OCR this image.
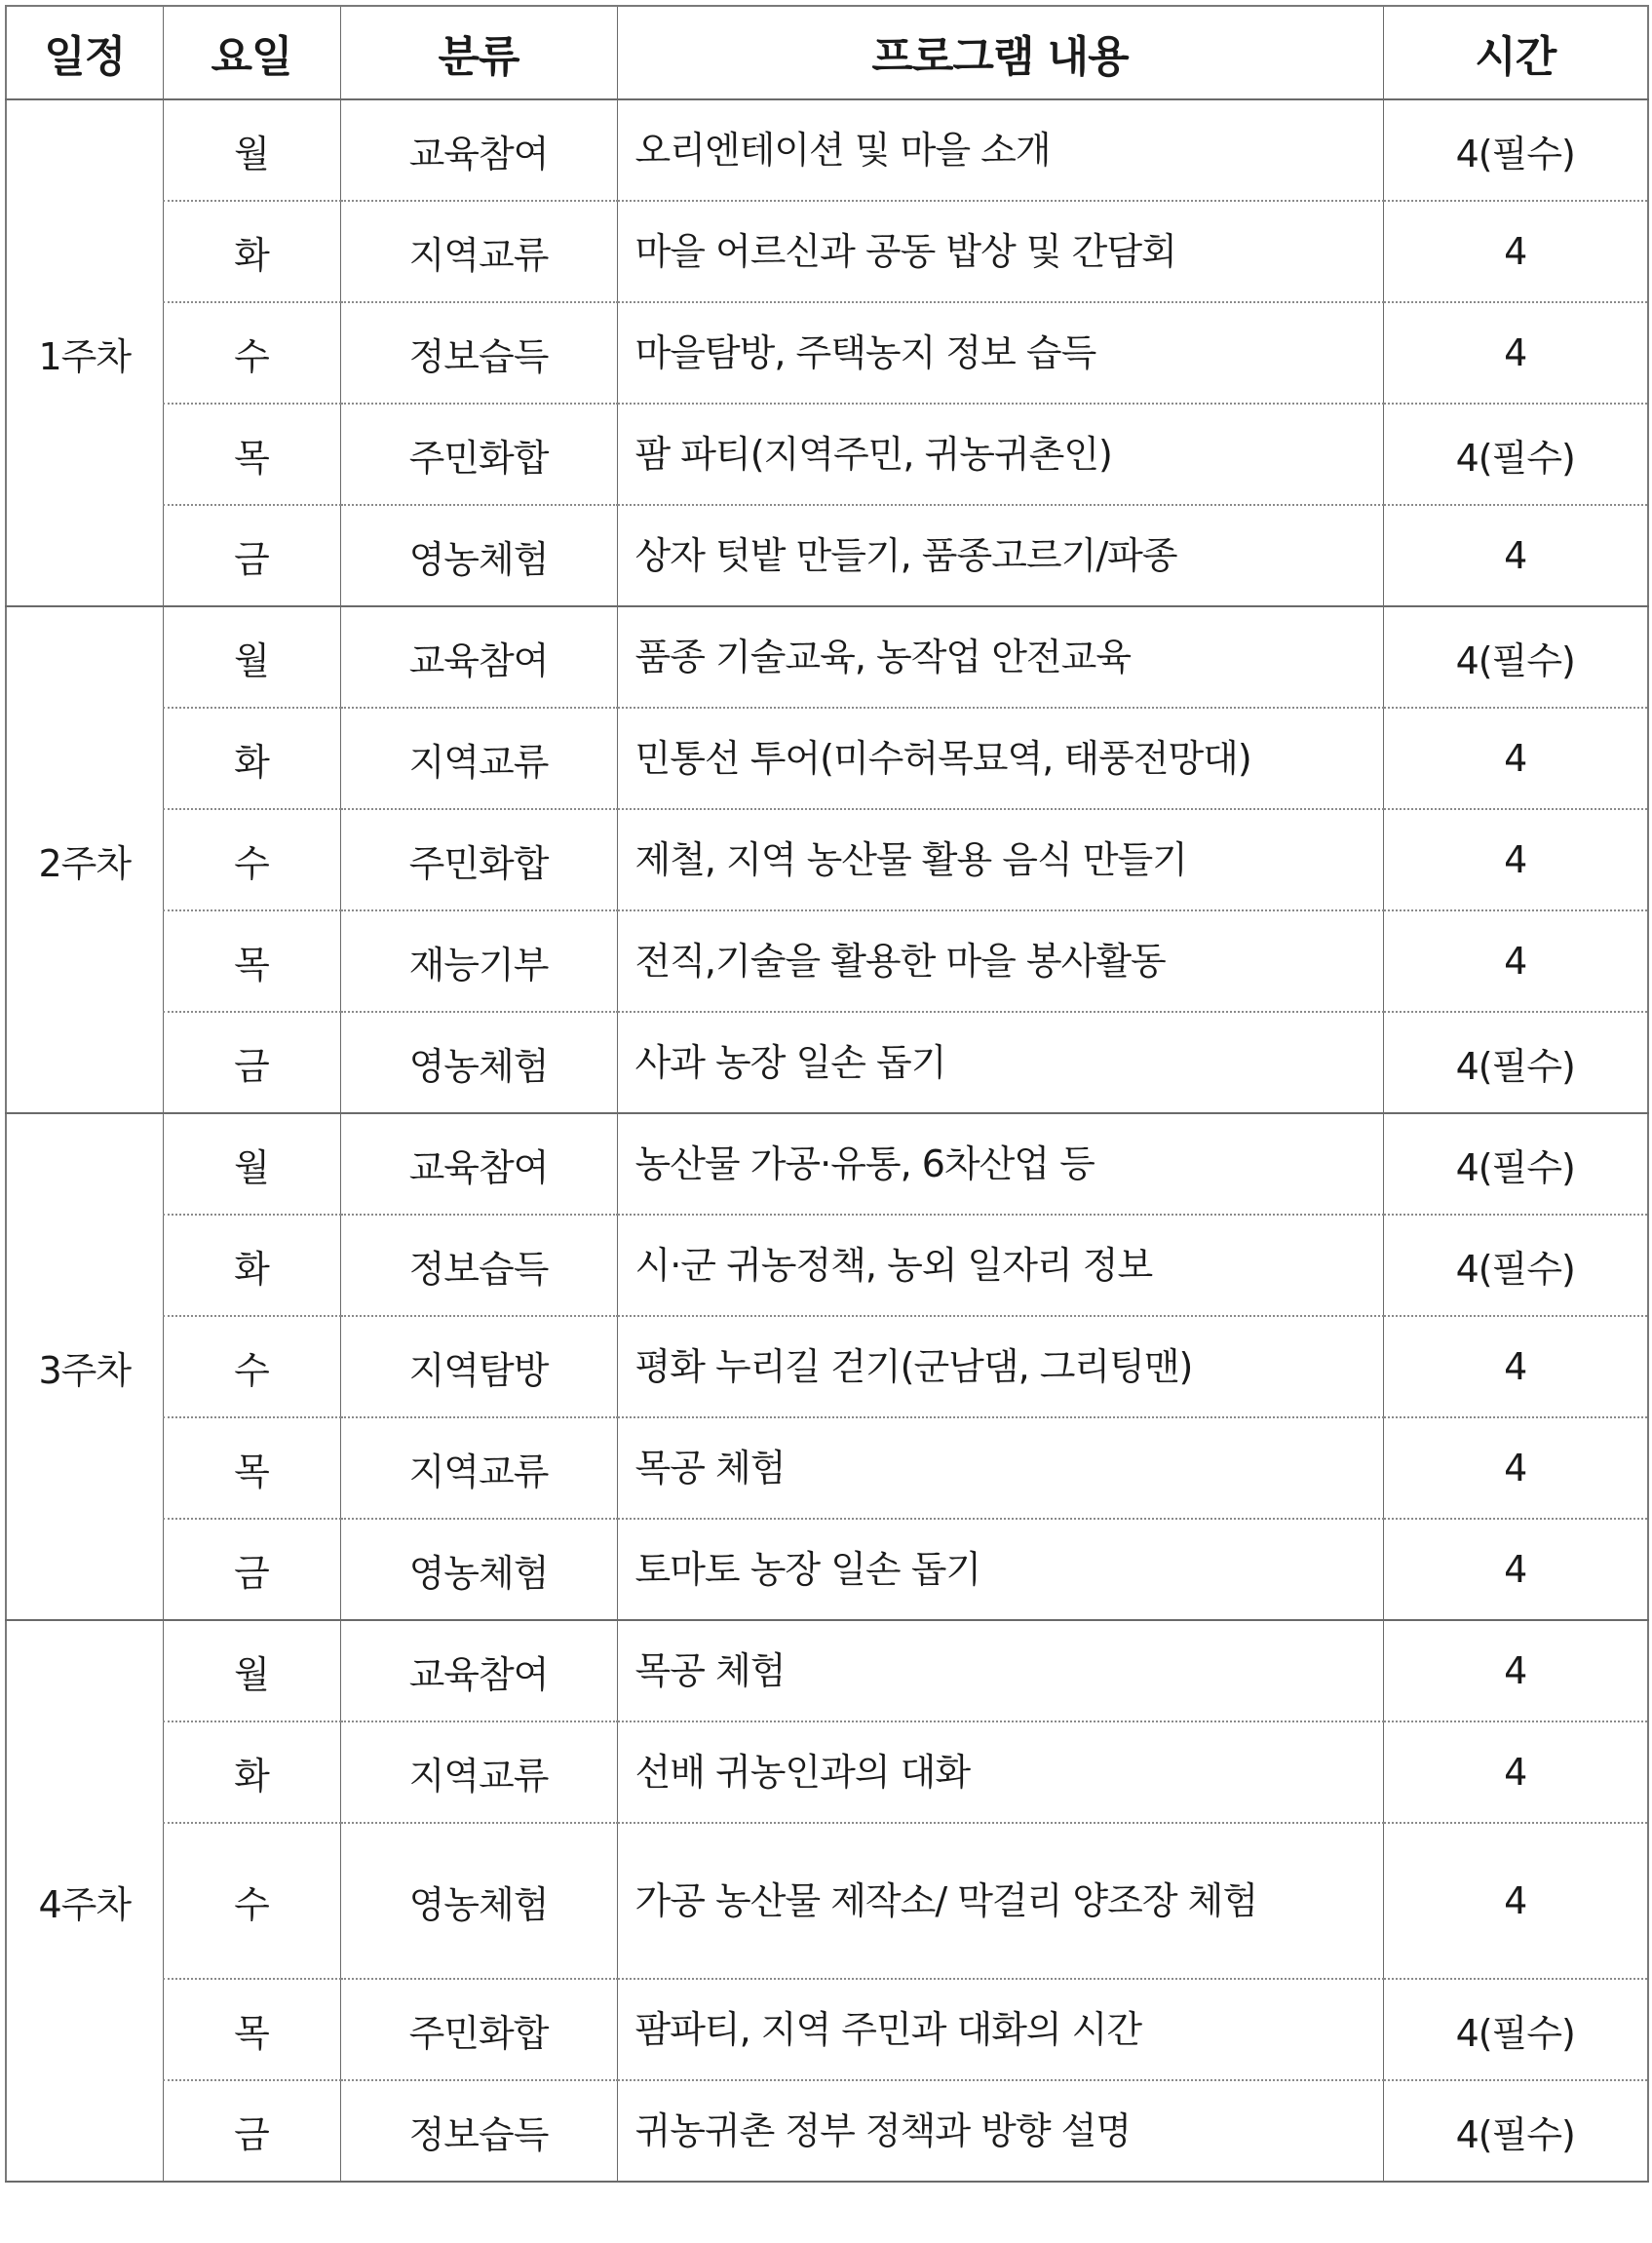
일정	요일	분류	프로그램 내용	시간
1주차	월	교육참여	오리엔테이션 및 마을 소개	4(필수)
	화	지역교류	마을 어르신과 공동 밥상 및 간담회	4
	수	정보습득	마을탐방, 주택농지 정보 습득	4
	목	주민화합	팜 파티(지역주민, 귀농귀촌인)	4(필수)
	금	영농체험	상자 텃밭 만들기, 품종고르기/파종	4
2주차	월	교육참여	품종 기술교육, 농작업 안전교육	4(필수)
	화	지역교류	민통선 투어(미수허목묘역, 태풍전망대)	4
	수	주민화합	제철, 지역 농산물 활용 음식 만들기	4
	목	재능기부	전직,기술을 활용한 마을 봉사활동	4
	금	영농체험	사과 농장 일손 돕기	4(필수)
3주차	월	교육참여	농산물 가공·유통, 6차산업 등	4(필수)
	화	정보습득	시·군 귀농정책, 농외 일자리 정보	4(필수)
	수	지역탐방	평화 누리길 걷기(군남댐, 그리팅맨)	4
	목	지역교류	목공 체험	4
	금	영농체험	토마토 농장 일손 돕기	4
4주차	월	교육참여	목공 체험	4
	화	지역교류	선배 귀농인과의 대화	4
	수	영농체험	가공 농산물 제작소/ 막걸리 양조장 체험	4
	목	주민화합	팜파티, 지역 주민과 대화의 시간	4(필수)
	금	정보습득	귀농귀촌 정부 정책과 방향 설명	4(필수)
